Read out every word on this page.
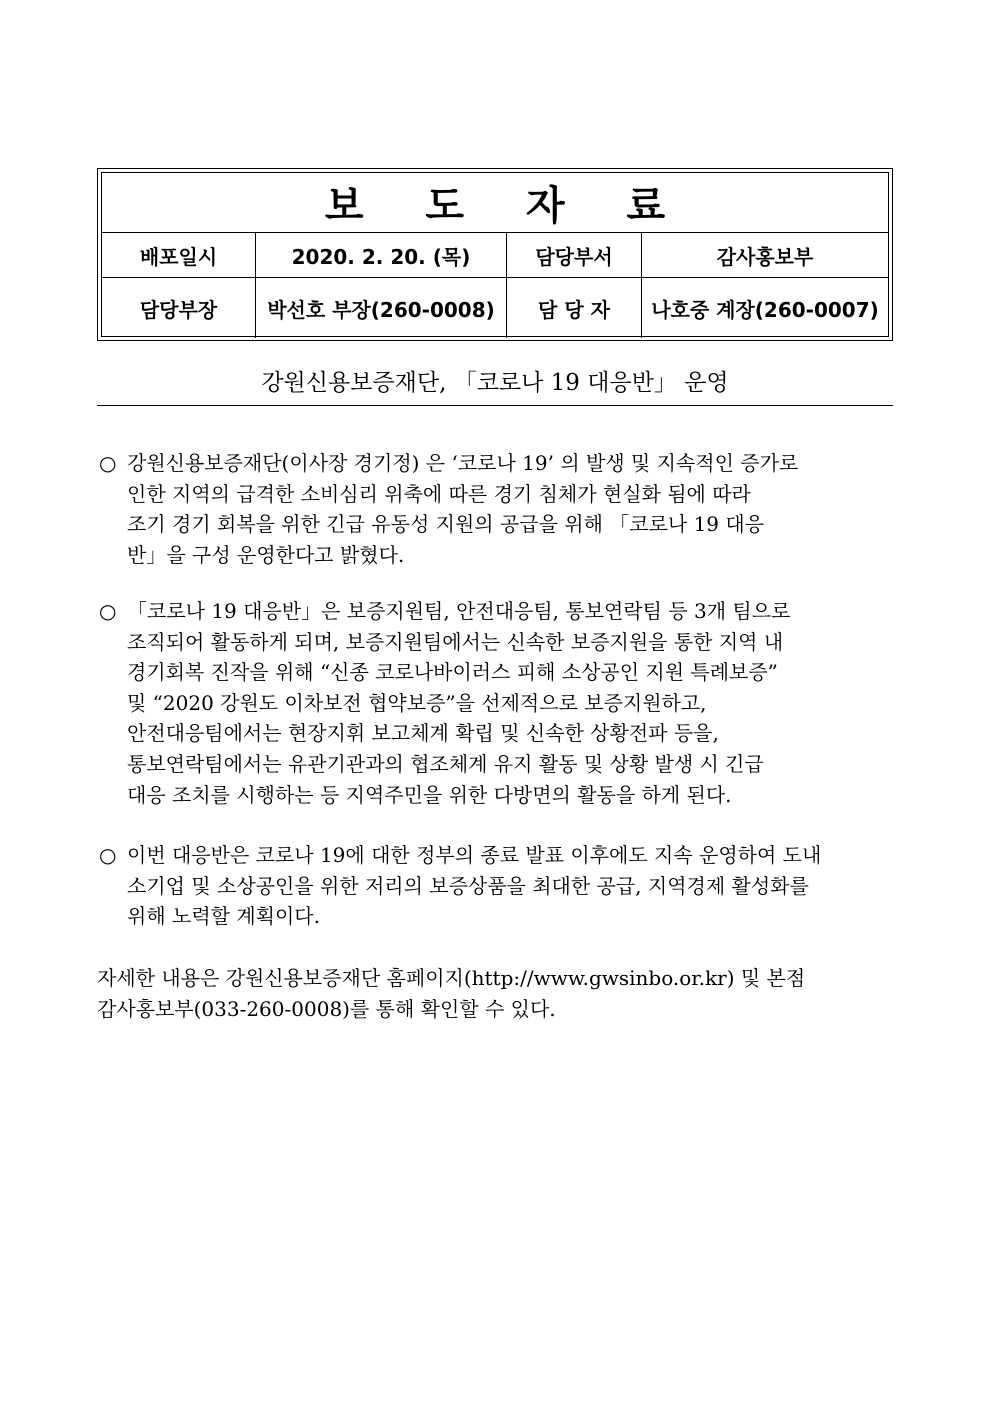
보 도 자 료
배포일시	2020. 2. 20. (목)	담당부서	감사홍보부
담당부장	박선호 부장(260-0008)	담 당 자	나호중 계장(260-0007)
강원신용보증재단, 「코로나 19 대응반」 운영
○ 강원신용보증재단(이사장 경기정) 은 ‘코로나 19’ 의 발생 및 지속적인 증가로
인한 지역의 급격한 소비심리 위축에 따른 경기 침체가 현실화 됨에 따라
조기 경기 회복을 위한 긴급 유동성 지원의 공급을 위해 「코로나 19 대응
반」을 구성 운영한다고 밝혔다.
○ 「코로나 19 대응반」은 보증지원팀, 안전대응팀, 통보연락팀 등 3개 팀으로
조직되어 활동하게 되며, 보증지원팀에서는 신속한 보증지원을 통한 지역 내
경기회복 진작을 위해 “신종 코로나바이러스 피해 소상공인 지원 특례보증”
및 “2020 강원도 이차보전 협약보증”을 선제적으로 보증지원하고,
안전대응팀에서는 현장지휘 보고체계 확립 및 신속한 상황전파 등을,
통보연락팀에서는 유관기관과의 협조체계 유지 활동 및 상황 발생 시 긴급
대응 조치를 시행하는 등 지역주민을 위한 다방면의 활동을 하게 된다.
○ 이번 대응반은 코로나 19에 대한 정부의 종료 발표 이후에도 지속 운영하여 도내
소기업 및 소상공인을 위한 저리의 보증상품을 최대한 공급, 지역경제 활성화를
위해 노력할 계획이다.
자세한 내용은 강원신용보증재단 홈페이지(http://www.gwsinbo.or.kr) 및 본점
감사홍보부(033-260-0008)를 통해 확인할 수 있다.
